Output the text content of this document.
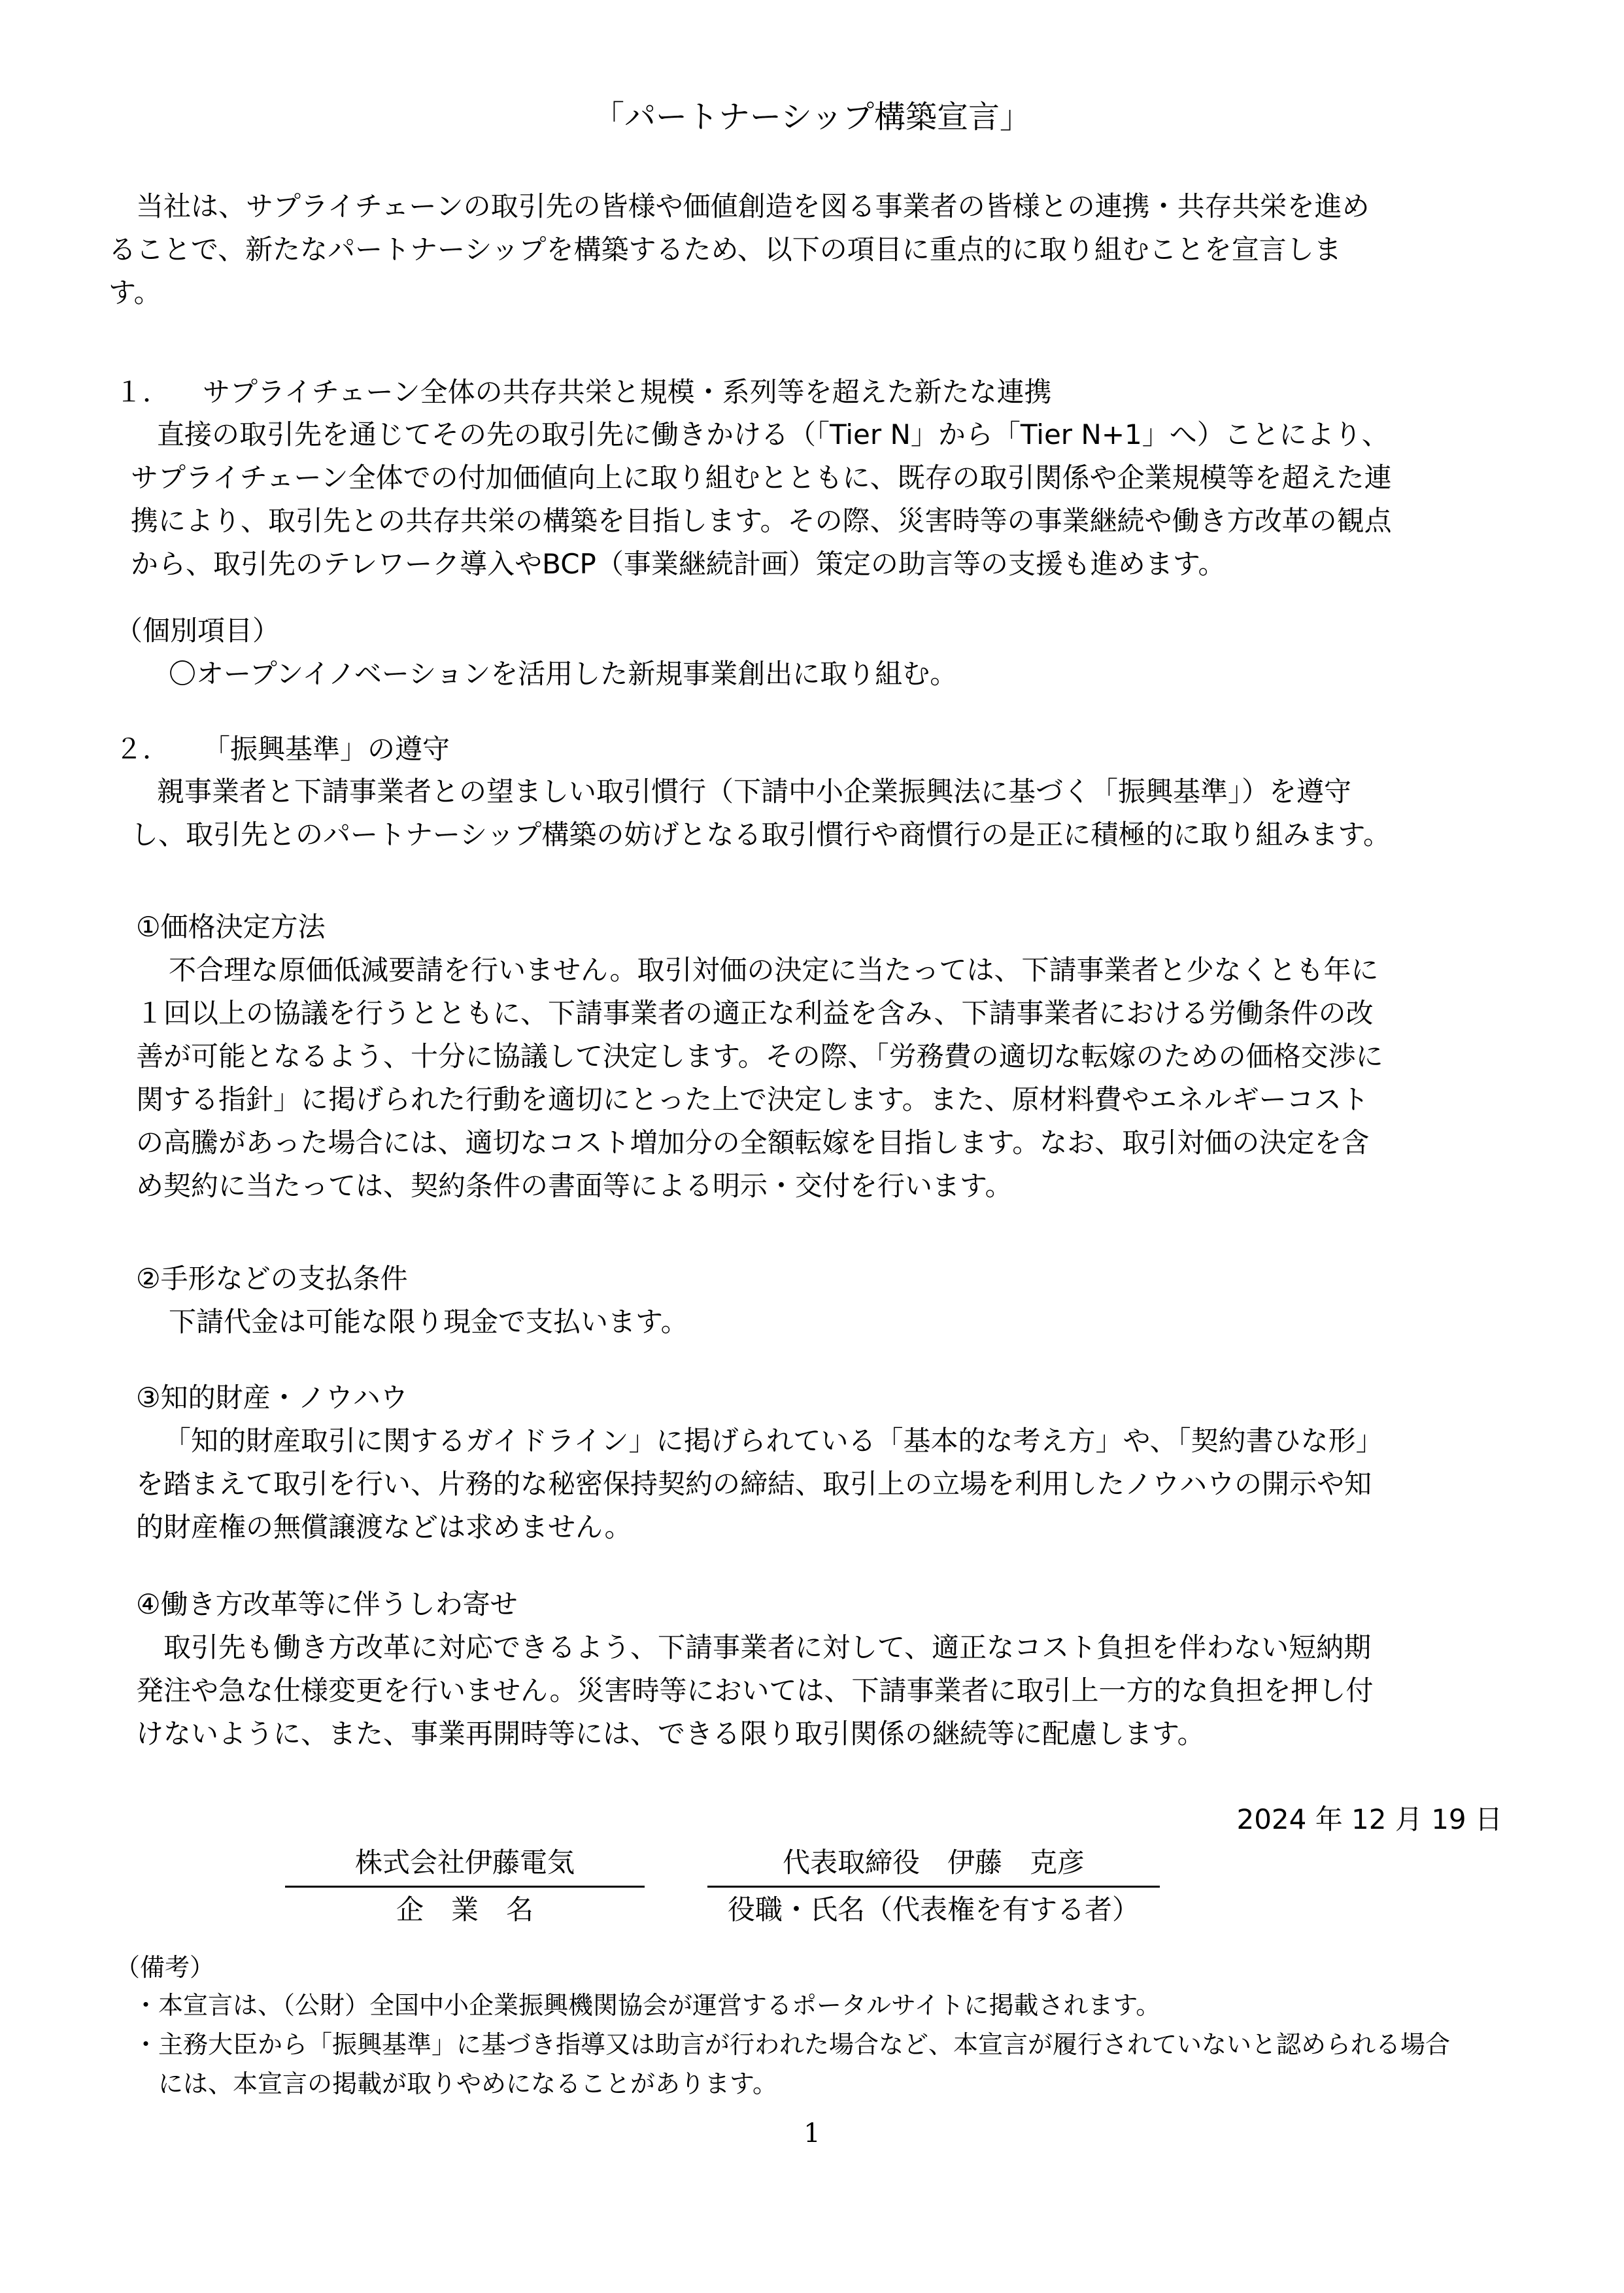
「パートナーシップ構築宣言」
当社は、サプライチェーンの取引先の皆様や価値創造を図る事業者の皆様との連携・共存共栄を進め
ることで、新たなパートナーシップを構築するため、以下の項目に重点的に取り組むことを宣言しま
す。
１． サプライチェーン全体の共存共栄と規模・系列等を超えた新たな連携
直接の取引先を通じてその先の取引先に働きかける（「Tier N」から「Tier N+1」へ）ことにより、
サプライチェーン全体での付加価値向上に取り組むとともに、既存の取引関係や企業規模等を超えた連
携により、取引先との共存共栄の構築を目指します。その際、災害時等の事業継続や働き方改革の観点
から、取引先のテレワーク導入やBCP（事業継続計画）策定の助言等の支援も進めます。
（個別項目）
〇オープンイノベーションを活用した新規事業創出に取り組む。
２． 「振興基準」の遵守
親事業者と下請事業者との望ましい取引慣行（下請中小企業振興法に基づく「振興基準」）を遵守
し、取引先とのパートナーシップ構築の妨げとなる取引慣行や商慣行の是正に積極的に取り組みます。
①価格決定方法
不合理な原価低減要請を行いません。取引対価の決定に当たっては、下請事業者と少なくとも年に
１回以上の協議を行うとともに、下請事業者の適正な利益を含み、下請事業者における労働条件の改
善が可能となるよう、十分に協議して決定します。その際、「労務費の適切な転嫁のための価格交渉に
関する指針」に掲げられた行動を適切にとった上で決定します。また、原材料費やエネルギーコスト
の高騰があった場合には、適切なコスト増加分の全額転嫁を目指します。なお、取引対価の決定を含
め契約に当たっては、契約条件の書面等による明示・交付を行います。
②手形などの支払条件
下請代金は可能な限り現金で支払います。
③知的財産・ノウハウ
「知的財産取引に関するガイドライン」に掲げられている「基本的な考え方」や、「契約書ひな形」
を踏まえて取引を行い、片務的な秘密保持契約の締結、取引上の立場を利用したノウハウの開示や知
的財産権の無償譲渡などは求めません。
④働き方改革等に伴うしわ寄せ
取引先も働き方改革に対応できるよう、下請事業者に対して、適正なコスト負担を伴わない短納期
発注や急な仕様変更を行いません。災害時等においては、下請事業者に取引上一方的な負担を押し付
けないように、また、事業再開時等には、できる限り取引関係の継続等に配慮します。
2024 年 12 月 19 日
株式会社伊藤電気	代表取締役　伊藤　克彦
企　業　名	役職・氏名（代表権を有する者）
（備考）
・本宣言は、（公財）全国中小企業振興機関協会が運営するポータルサイトに掲載されます。
・主務大臣から「振興基準」に基づき指導又は助言が行われた場合など、本宣言が履行されていないと認められる場合
　には、本宣言の掲載が取りやめになることがあります。
1
